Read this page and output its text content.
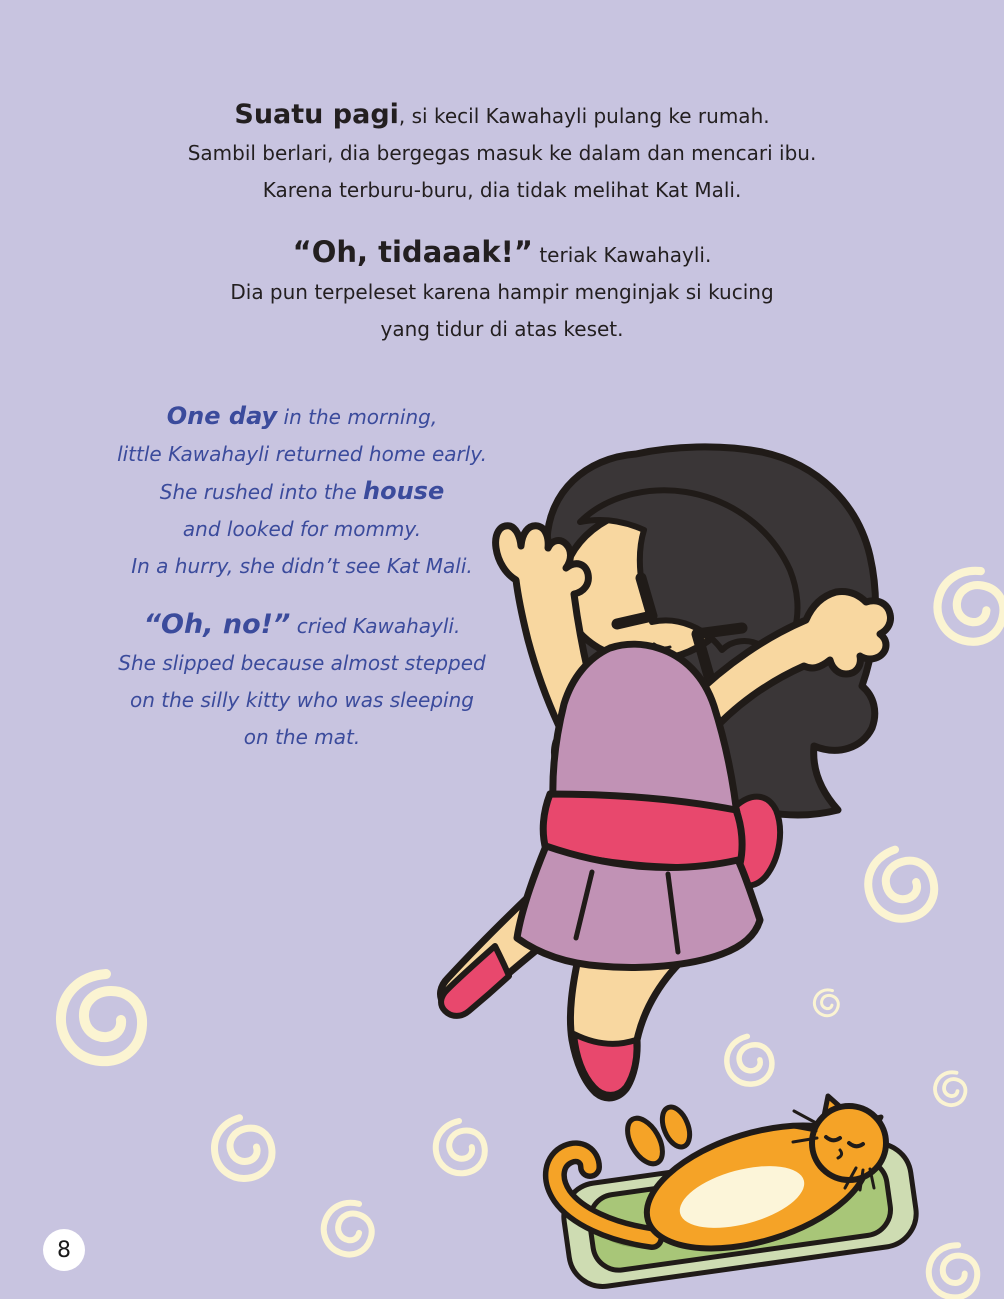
Suatu pagi, si kecil Kawahayli pulang ke rumah.
Sambil berlari, dia bergegas masuk ke dalam dan mencari ibu.
Karena terburu-buru, dia tidak melihat Kat Mali.
“Oh, tidaaak!” teriak Kawahayli.
Dia pun terpeleset karena hampir menginjak si kucing
yang tidur di atas keset.
One day in the morning,
little Kawahayli returned home early.
She rushed into the house
and looked for mommy.
In a hurry, she didn’t see Kat Mali.
“Oh, no!” cried Kawahayli.
She slipped because almost stepped
on the silly kitty who was sleeping
on the mat.
8
